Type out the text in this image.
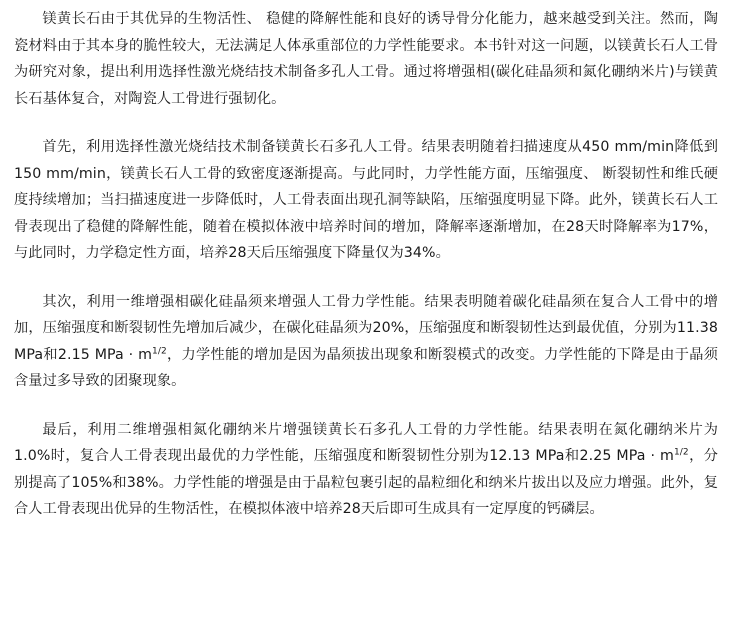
镁黄长石由于其优异的生物活性、 稳健的降解性能和良好的诱导骨分化能力，越来越受到关注。然而，陶瓷材料由于其本身的脆性较大，无法满足人体承重部位的力学性能要求。本书针对这一问题，以镁黄长石人工骨为研究对象，提出利用选择性激光烧结技术制备多孔人工骨。通过将增强相(碳化硅晶须和氮化硼纳米片)与镁黄长石基体复合，对陶瓷人工骨进行强韧化。

首先，利用选择性激光烧结技术制备镁黄长石多孔人工骨。结果表明随着扫描速度从450 mm/min降低到150 mm/min，镁黄长石人工骨的致密度逐渐提高。与此同时，力学性能方面，压缩强度、 断裂韧性和维氏硬度持续增加；当扫描速度进一步降低时，人工骨表面出现孔洞等缺陷，压缩强度明显下降。此外，镁黄长石人工骨表现出了稳健的降解性能，随着在模拟体液中培养时间的增加，降解率逐渐增加，在28天时降解率为17%，与此同时，力学稳定性方面，培养28天后压缩强度下降量仅为34%。

其次，利用一维增强相碳化硅晶须来增强人工骨力学性能。结果表明随着碳化硅晶须在复合人工骨中的增加，压缩强度和断裂韧性先增加后减少，在碳化硅晶须为20%，压缩强度和断裂韧性达到最优值，分别为11.38 MPa和2.15 MPa · $m^{1/2}$，力学性能的增加是因为晶须拔出现象和断裂模式的改变。力学性能的下降是由于晶须含量过多导致的团聚现象。

最后，利用二维增强相氮化硼纳米片增强镁黄长石多孔人工骨的力学性能。结果表明在氮化硼纳米片为1.0%时，复合人工骨表现出最优的力学性能，压缩强度和断裂韧性分别为12.13 MPa和2.25 MPa · $m^{1/2}$，分别提高了105%和38%。力学性能的增强是由于晶粒包裹引起的晶粒细化和纳米片拔出以及应力增强。此外，复合人工骨表现出优异的生物活性，在模拟体液中培养28天后即可生成具有一定厚度的钙磷层。
